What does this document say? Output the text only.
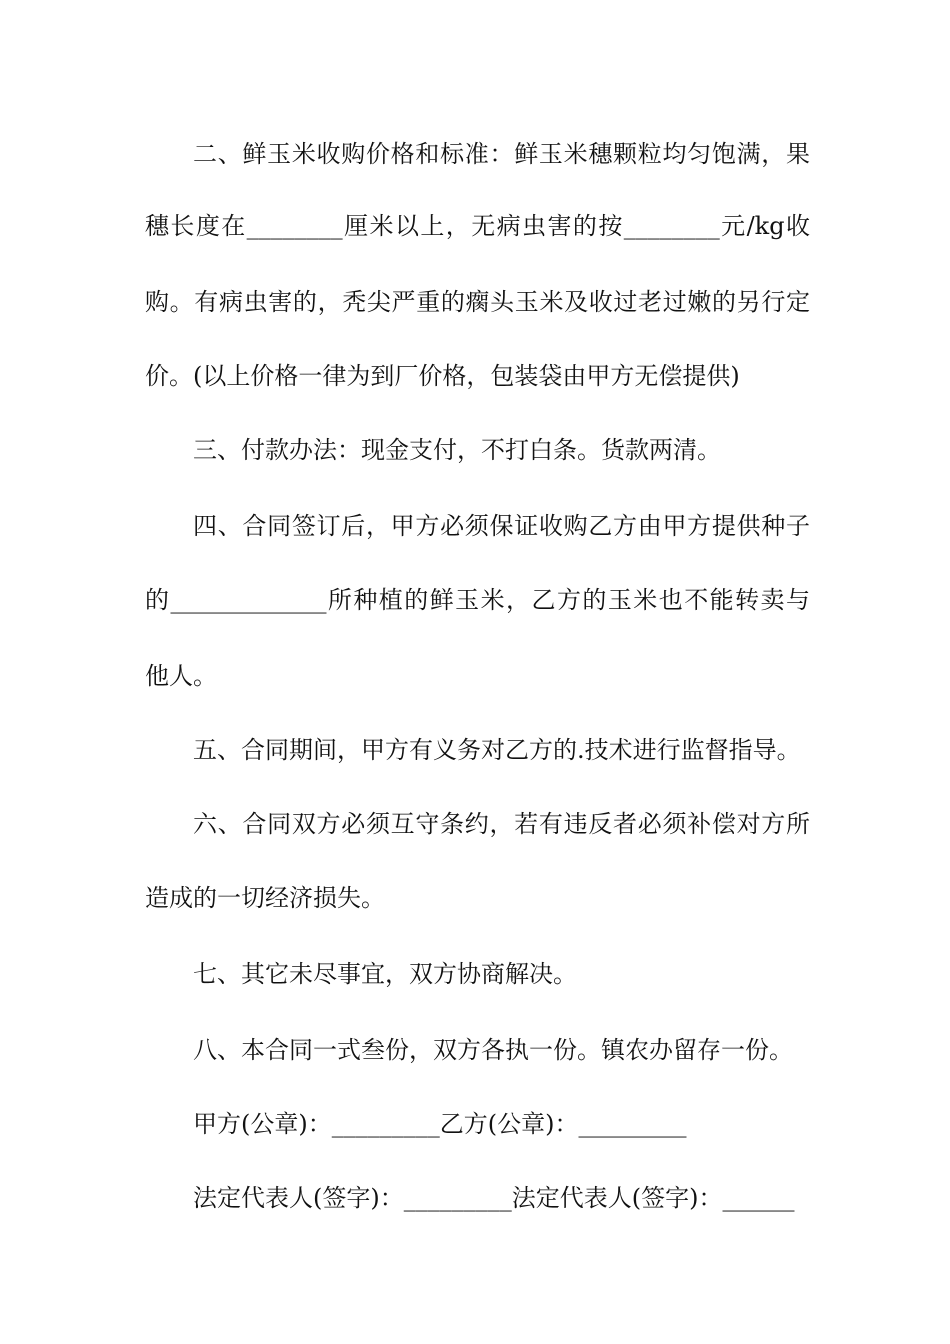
二、鲜玉米收购价格和标准：鲜玉米穗颗粒均匀饱满，果
穗长度在________厘米以上，无病虫害的按________元/kg收
购。有病虫害的，秃尖严重的瘸头玉米及收过老过嫩的另行定
价。(以上价格一律为到厂价格，包装袋由甲方无偿提供)
三、付款办法：现金支付，不打白条。货款两清。
四、合同签订后，甲方必须保证收购乙方由甲方提供种子
的_____________所种植的鲜玉米，乙方的玉米也不能转卖与
他人。
五、合同期间，甲方有义务对乙方的.技术进行监督指导。
六、合同双方必须互守条约，若有违反者必须补偿对方所
造成的一切经济损失。
七、其它未尽事宜，双方协商解决。
八、本合同一式叁份，双方各执一份。镇农办留存一份。
甲方(公章)：_________乙方(公章)：_________
法定代表人(签字)：_________法定代表人(签字)：______
